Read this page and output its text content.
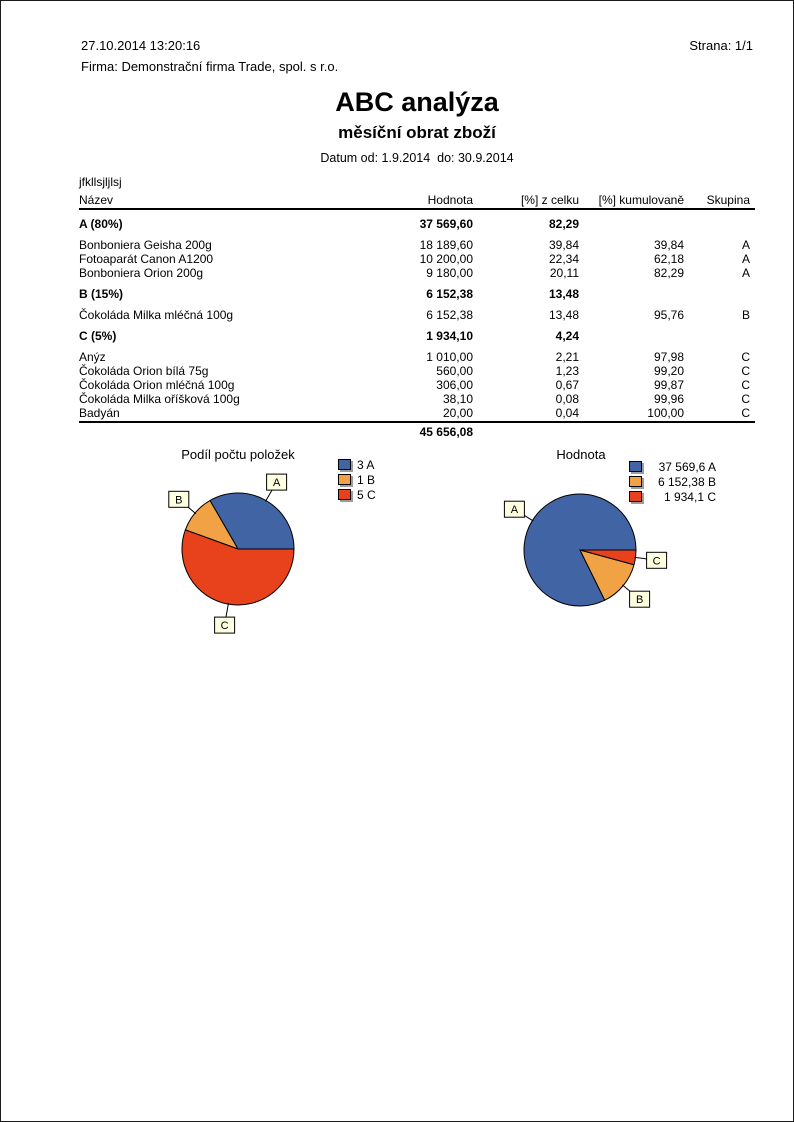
27.10.2014 13:20:16	Strana: 1/1
Firma: Demonstrační firma Trade, spol. s r.o.
ABC analýza
měsíční obrat zboží
Datum od: 1.9.2014  do: 30.9.2014
jfkllsjljlsj
Název	Hodnota	[%] z celku	[%] kumulovaně	Skupina
A (80%)	37 569,60	82,29
Bonboniera Geisha 200g	18 189,60	39,84	39,84	A
Fotoaparát Canon A1200	10 200,00	22,34	62,18	A
Bonboniera Orion 200g	9 180,00	20,11	82,29	A
B (15%)	6 152,38	13,48
Čokoláda Milka mléčná 100g	6 152,38	13,48	95,76	B
C (5%)	1 934,10	4,24
Anýz	1 010,00	2,21	97,98	C
Čokoláda Orion bílá 75g	560,00	1,23	99,20	C
Čokoláda Orion mléčná 100g	306,00	0,67	99,87	C
Čokoláda Milka oříšková 100g	38,10	0,08	99,96	C
Badyán	20,00	0,04	100,00	C
45 656,08
Podíl počtu položek	Hodnota
A
B
C
A
B
C
3 A
1 B
5 C
37 569,6 A
6 152,38 B
1 934,1 C
